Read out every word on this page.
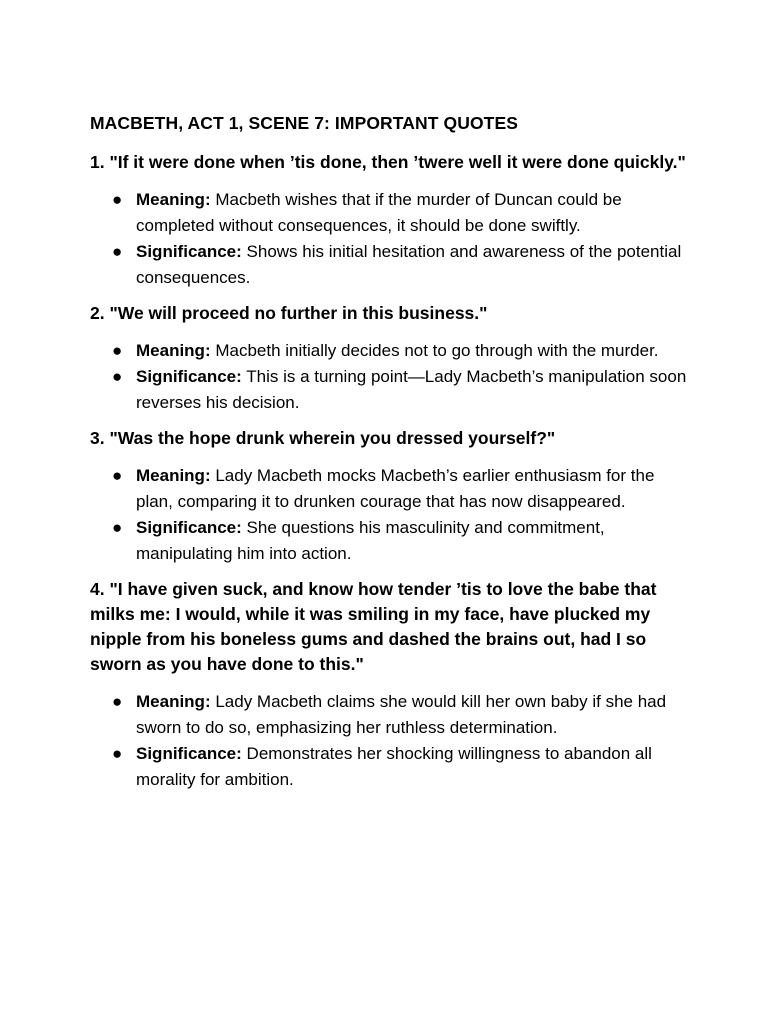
MACBETH, ACT 1, SCENE 7: IMPORTANT QUOTES
1. "If it were done when ’tis done, then ’twere well it were done quickly."
● Meaning: Macbeth wishes that if the murder of Duncan could be completed without consequences, it should be done swiftly.
● Significance: Shows his initial hesitation and awareness of the potential consequences.
2. "We will proceed no further in this business."
● Meaning: Macbeth initially decides not to go through with the murder.
● Significance: This is a turning point—Lady Macbeth’s manipulation soon reverses his decision.
3. "Was the hope drunk wherein you dressed yourself?"
● Meaning: Lady Macbeth mocks Macbeth’s earlier enthusiasm for the plan, comparing it to drunken courage that has now disappeared.
● Significance: She questions his masculinity and commitment, manipulating him into action.
4. "I have given suck, and know how tender ’tis to love the babe that milks me: I would, while it was smiling in my face, have plucked my nipple from his boneless gums and dashed the brains out, had I so sworn as you have done to this."
● Meaning: Lady Macbeth claims she would kill her own baby if she had sworn to do so, emphasizing her ruthless determination.
● Significance: Demonstrates her shocking willingness to abandon all morality for ambition.
